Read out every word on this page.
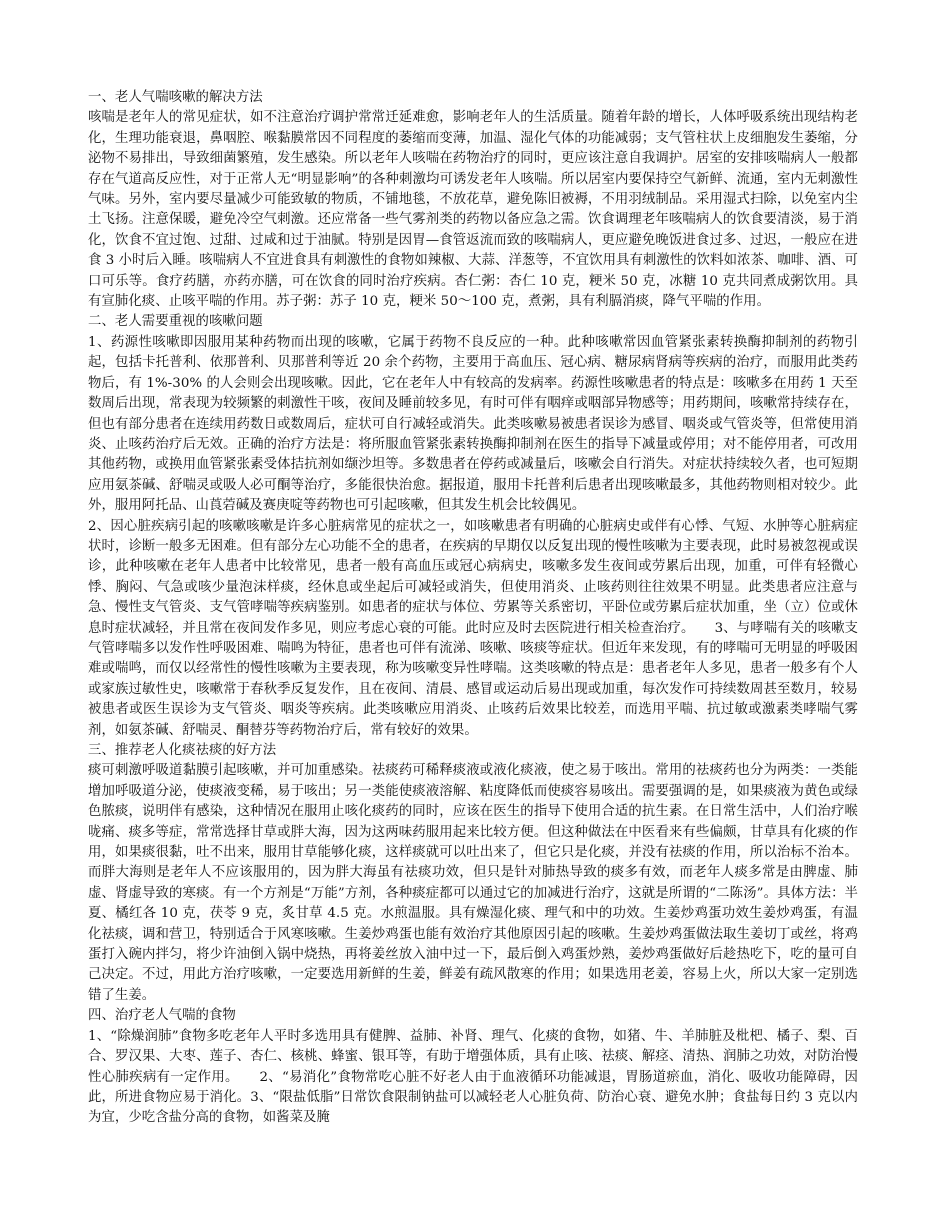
一、老人气喘咳嗽的解决方法
咳喘是老年人的常见症状，如不注意治疗调护常常迁延难愈，影响老年人的生活质量。随着年龄的增长，人体呼吸系统出现结构老化，生理功能衰退，鼻咽腔、喉黏膜常因不同程度的萎缩而变薄，加温、湿化气体的功能减弱；支气管柱状上皮细胞发生萎缩，分泌物不易排出，导致细菌繁殖，发生感染。所以老年人咳喘在药物治疗的同时，更应该注意自我调护。居室的安排咳喘病人一般都存在气道高反应性，对于正常人无“明显影响”的各种刺激均可诱发老年人咳喘。所以居室内要保持空气新鲜、流通，室内无刺激性气味。另外，室内要尽量减少可能致敏的物质，不铺地毯，不放花草，避免陈旧被褥，不用羽绒制品。采用湿式扫除，以免室内尘土飞扬。注意保暖，避免冷空气刺激。还应常备一些气雾剂类的药物以备应急之需。饮食调理老年咳喘病人的饮食要清淡，易于消化，饮食不宜过饱、过甜、过咸和过于油腻。特别是因胃—食管返流而致的咳喘病人，更应避免晚饭进食过多、过迟，一般应在进食 3 小时后入睡。咳喘病人不宜进食具有刺激性的食物如辣椒、大蒜、洋葱等，不宜饮用具有刺激性的饮料如浓茶、咖啡、酒、可口可乐等。食疗药膳，亦药亦膳，可在饮食的同时治疗疾病。杏仁粥：杏仁 10 克，粳米 50 克，冰糖 10 克共同煮成粥饮用。具有宣肺化痰、止咳平喘的作用。苏子粥：苏子 10 克，粳米 50～100 克，煮粥，具有利膈消痰，降气平喘的作用。
二、老人需要重视的咳嗽问题
1、药源性咳嗽即因服用某种药物而出现的咳嗽，它属于药物不良反应的一种。此种咳嗽常因血管紧张素转换酶抑制剂的药物引起，包括卡托普利、依那普利、贝那普利等近 20 余个药物，主要用于高血压、冠心病、糖尿病肾病等疾病的治疗，而服用此类药物后，有 1%-30% 的人会则会出现咳嗽。因此，它在老年人中有较高的发病率。药源性咳嗽患者的特点是：咳嗽多在用药 1 天至数周后出现，常表现为较频繁的刺激性干咳，夜间及睡前较多见，有时可伴有咽痒或咽部异物感等；用药期间，咳嗽常持续存在，但也有部分患者在连续用药数日或数周后，症状可自行减轻或消失。此类咳嗽易被患者误诊为感冒、咽炎或气管炎等，但常使用消炎、止咳药治疗后无效。正确的治疗方法是：将所服血管紧张素转换酶抑制剂在医生的指导下减量或停用；对不能停用者，可改用其他药物，或换用血管紧张素受体拮抗剂如缬沙坦等。多数患者在停药或减量后，咳嗽会自行消失。对症状持续较久者，也可短期应用氨茶碱、舒喘灵或吸人必可酮等治疗，多能很快治愈。据报道，服用卡托普利后患者出现咳嗽最多，其他药物则相对较少。此外，服用阿托品、山莨菪碱及赛庚啶等药物也可引起咳嗽，但其发生机会比较偶见。
2、因心脏疾病引起的咳嗽咳嗽是许多心脏病常见的症状之一，如咳嗽患者有明确的心脏病史或伴有心悸、气短、水肿等心脏病症状时，诊断一般多无困难。但有部分左心功能不全的患者，在疾病的早期仅以反复出现的慢性咳嗽为主要表现，此时易被忽视或误诊，此种咳嗽在老年人患者中比较常见，患者一般有高血压或冠心病病史，咳嗽多发生夜间或劳累后出现，加重，可伴有轻微心悸、胸闷、气急或咳少量泡沫样痰，经休息或坐起后可减轻或消失，但使用消炎、止咳药则往往效果不明显。此类患者应注意与急、慢性支气管炎、支气管哮喘等疾病鉴别。如患者的症状与体位、劳累等关系密切，平卧位或劳累后症状加重，坐（立）位或休息时症状减轻，并且常在夜间发作多见，则应考虑心衰的可能。此时应及时去医院进行相关检查治疗。　　3、与哮喘有关的咳嗽支气管哮喘多以发作性呼吸困难、喘鸣为特征，患者也可伴有流涕、咳嗽、咳痰等症状。但近年来发现，有的哮喘可无明显的呼吸困难或喘鸣，而仅以经常性的慢性咳嗽为主要表现，称为咳嗽变异性哮喘。这类咳嗽的特点是：患者老年人多见，患者一般多有个人或家族过敏性史，咳嗽常于春秋季反复发作，且在夜间、清晨、感冒或运动后易出现或加重，每次发作可持续数周甚至数月，较易被患者或医生误诊为支气管炎、咽炎等疾病。此类咳嗽应用消炎、止咳药后效果比较差，而选用平喘、抗过敏或激素类哮喘气雾剂，如氨茶碱、舒喘灵、酮替芬等药物治疗后，常有较好的效果。
三、推荐老人化痰祛痰的好方法
痰可刺激呼吸道黏膜引起咳嗽，并可加重感染。祛痰药可稀释痰液或液化痰液，使之易于咳出。常用的祛痰药也分为两类：一类能增加呼吸道分泌，使痰液变稀，易于咳出；另一类能使痰液溶解、粘度降低而使痰容易咳出。需要强调的是，如果痰液为黄色或绿色脓痰，说明伴有感染，这种情况在服用止咳化痰药的同时，应该在医生的指导下使用合适的抗生素。在日常生活中，人们治疗喉咙痛、痰多等症，常常选择甘草或胖大海，因为这两味药服用起来比较方便。但这种做法在中医看来有些偏颇，甘草具有化痰的作用，如果痰很黏，吐不出来，服用甘草能够化痰，这样痰就可以吐出来了，但它只是化痰，并没有祛痰的作用，所以治标不治本。而胖大海则是老年人不应该服用的，因为胖大海虽有祛痰功效，但只是针对肺热导致的痰多有效，而老年人痰多常是由脾虚、肺虚、肾虚导致的寒痰。有一个方剂是“万能”方剂，各种痰症都可以通过它的加减进行治疗，这就是所谓的“二陈汤”。具体方法：半夏、橘红各 10 克，茯苓 9 克，炙甘草 4.5 克。水煎温服。具有燥湿化痰、理气和中的功效。生姜炒鸡蛋功效生姜炒鸡蛋，有温化祛痰，调和营卫，特别适合于风寒咳嗽。生姜炒鸡蛋也能有效治疗其他原因引起的咳嗽。生姜炒鸡蛋做法取生姜切丁或丝，将鸡蛋打入碗内拌匀，将少许油倒入锅中烧热，再将姜丝放入油中过一下，最后倒入鸡蛋炒熟，姜炒鸡蛋做好后趁热吃下，吃的量可自己决定。不过，用此方治疗咳嗽，一定要选用新鲜的生姜，鲜姜有疏风散寒的作用；如果选用老姜，容易上火，所以大家一定别选错了生姜。
四、治疗老人气喘的食物
1、“除燥润肺”食物多吃老年人平时多选用具有健脾、益肺、补肾、理气、化痰的食物，如猪、牛、羊肺脏及枇杷、橘子、梨、百合、罗汉果、大枣、莲子、杏仁、核桃、蜂蜜、银耳等，有助于增强体质，具有止咳、祛痰、解痉、清热、润肺之功效，对防治慢性心肺疾病有一定作用。　　2、“易消化”食物常吃心脏不好老人由于血液循环功能减退，胃肠道瘀血，消化、吸收功能障碍，因此，所进食物应易于消化。3、“限盐低脂”日常饮食限制钠盐可以减轻老人心脏负荷、防治心衰、避免水肿；食盐每日约 3 克以内为宜，少吃含盐分高的食物，如酱菜及腌
